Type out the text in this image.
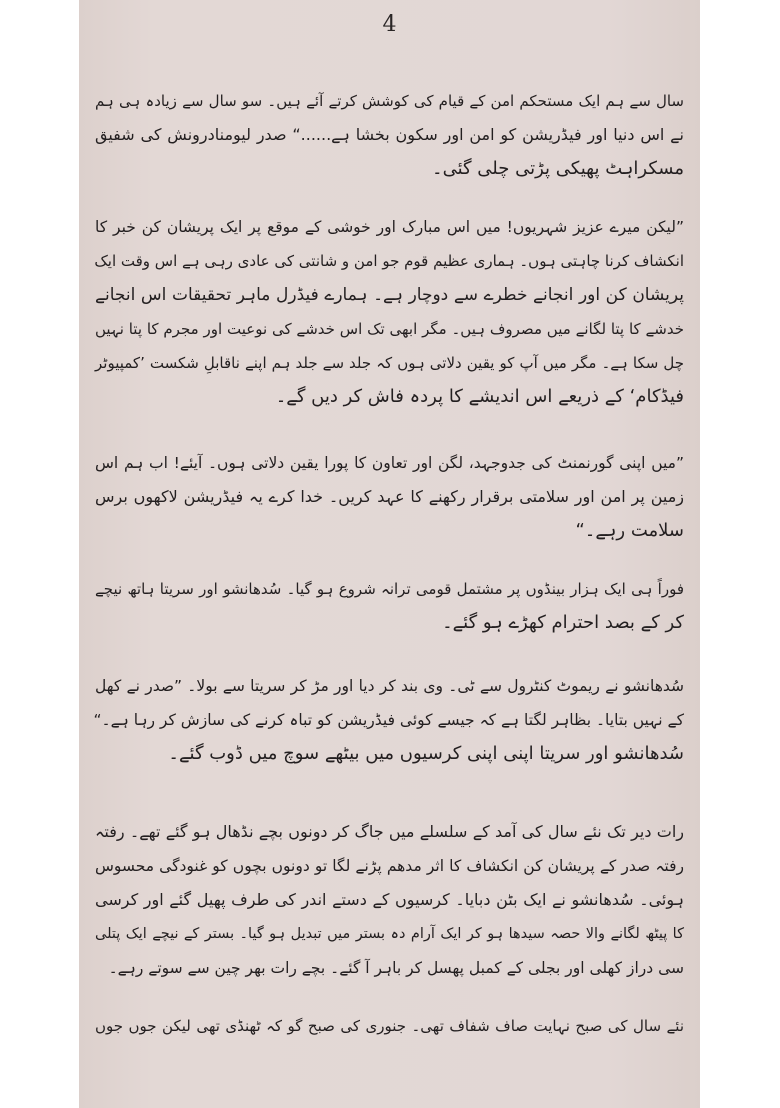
4
سال سے ہم ایک مستحکم امن کے قیام کی کوشش کرتے آئے ہیں۔ سو سال سے زیادہ ہی ہم
نے اس دنیا اور فیڈریشن کو امن اور سکون بخشا ہے......“ صدر لیومنادرونش کی شفیق
مسکراہٹ پھیکی پڑتی چلی گئی۔
”لیکن میرے عزیز شہریوں! میں اس مبارک اور خوشی کے موقع پر ایک پریشان کن خبر کا
انکشاف کرنا چاہتی ہوں۔ ہماری عظیم قوم جو امن و شانتی کی عادی رہی ہے اس وقت ایک
پریشان کن اور انجانے خطرے سے دوچار ہے۔ ہمارے فیڈرل ماہر تحقیقات اس انجانے
خدشے کا پتا لگانے میں مصروف ہیں۔ مگر ابھی تک اس خدشے کی نوعیت اور مجرم کا پتا نہیں
چل سکا ہے۔ مگر میں آپ کو یقین دلاتی ہوں کہ جلد سے جلد ہم اپنے ناقابلِ شکست ’کمپیوٹر
فیڈکام‘ کے ذریعے اس اندیشے کا پردہ فاش کر دیں گے۔
”میں اپنی گورنمنٹ کی جدوجہد، لگن اور تعاون کا پورا یقین دلاتی ہوں۔ آیئے! اب ہم اس
زمین پر امن اور سلامتی برقرار رکھنے کا عہد کریں۔ خدا کرے یہ فیڈریشن لاکھوں برس
سلامت رہے۔“
فوراً ہی ایک ہزار بینڈوں پر مشتمل قومی ترانہ شروع ہو گیا۔ سُدھانشو اور سریتا ہاتھ نیچے
کر کے بصد احترام کھڑے ہو گئے۔
سُدھانشو نے ریموٹ کنٹرول سے ٹی۔ وی بند کر دیا اور مڑ کر سریتا سے بولا۔ ”صدر نے کھل
کے نہیں بتایا۔ بظاہر لگتا ہے کہ جیسے کوئی فیڈریشن کو تباہ کرنے کی سازش کر رہا ہے۔“
سُدھانشو اور سریتا اپنی اپنی کرسیوں میں بیٹھے سوچ میں ڈوب گئے۔
رات دیر تک نئے سال کی آمد کے سلسلے میں جاگ کر دونوں بچے نڈھال ہو گئے تھے۔ رفتہ
رفتہ صدر کے پریشان کن انکشاف کا اثر مدھم پڑنے لگا تو دونوں بچوں کو غنودگی محسوس
ہوئی۔ سُدھانشو نے ایک بٹن دبایا۔ کرسیوں کے دستے اندر کی طرف پھیل گئے اور کرسی
کا پیٹھ لگانے والا حصہ سیدھا ہو کر ایک آرام دہ بستر میں تبدیل ہو گیا۔ بستر کے نیچے ایک پتلی
سی دراز کھلی اور بجلی کے کمبل پھسل کر باہر آ گئے۔ بچے رات بھر چین سے سوتے رہے۔
نئے سال کی صبح نہایت صاف شفاف تھی۔ جنوری کی صبح گو کہ ٹھنڈی تھی لیکن جوں جوں
